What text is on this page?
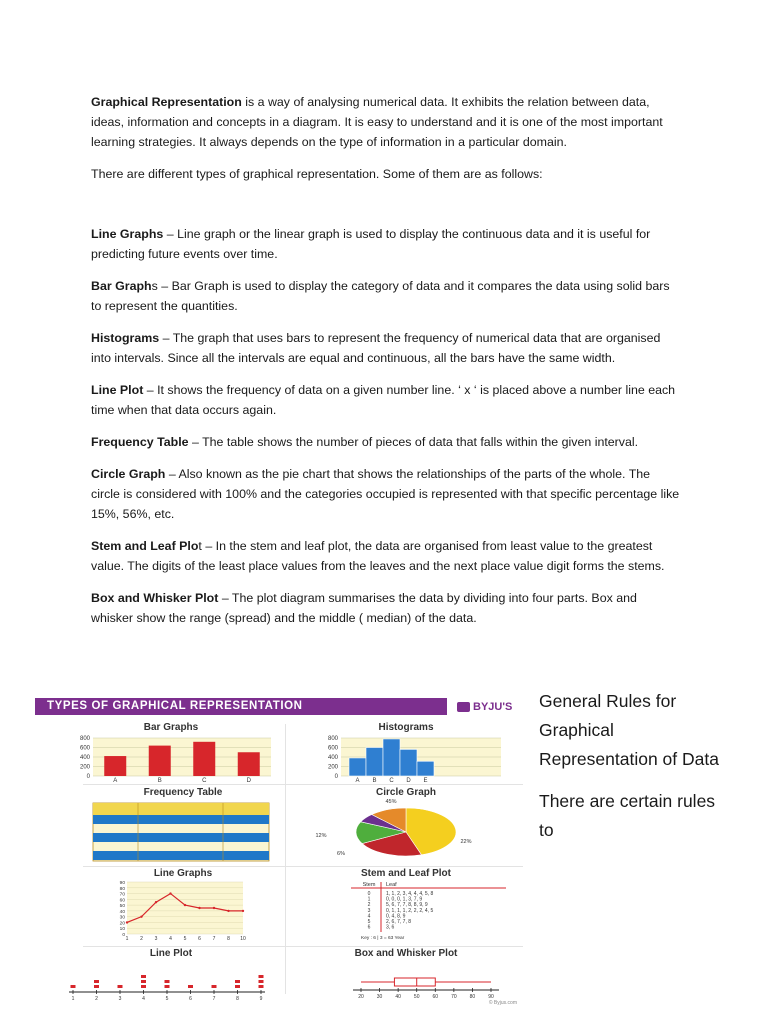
Graphical Representation is a way of analysing numerical data. It exhibits the relation between data, ideas, information and concepts in a diagram. It is easy to understand and it is one of the most important learning strategies. It always depends on the type of information in a particular domain.

There are different types of graphical representation. Some of them are as follows:

Line Graphs – Line graph or the linear graph is used to display the continuous data and it is useful for predicting future events over time.

Bar Graphs – Bar Graph is used to display the category of data and it compares the data using solid bars to represent the quantities.

Histograms – The graph that uses bars to represent the frequency of numerical data that are organised into intervals. Since all the intervals are equal and continuous, all the bars have the same width.

Line Plot – It shows the frequency of data on a given number line. ‘ x ‘ is placed above a number line each time when that data occurs again.

Frequency Table – The table shows the number of pieces of data that falls within the given interval.

Circle Graph – Also known as the pie chart that shows the relationships of the parts of the whole. The circle is considered with 100% and the categories occupied is represented with that specific percentage like 15%, 56%, etc.

Stem and Leaf Plot – In the stem and leaf plot, the data are organised from least value to the greatest value. The digits of the least place values from the leaves and the next place value digit forms the stems.

Box and Whisker Plot – The plot diagram summarises the data by dividing into four parts. Box and whisker show the range (spread) and the middle ( median) of the data.

TYPES OF GRAPHICAL REPRESENTATION	BYJU'S
Bar Graphs
800
600
400
200
0
A	B	C	D
Histograms
800
600
400
200
0
A B C D E
Frequency Table	Circle Graph
45%
22%
6%
12%
Line Graphs
90
80
70
60
50
40
30
20
10
0
1 2 3 4 5 6 7 8 10
Stem and Leaf Plot
Stem Leaf
0	1, 1, 2, 3, 4, 4, 4, 5, 8
1	0, 0, 0, 1, 3, 7, 9
2	5, 6, 7, 7, 8, 8, 9, 9
3	0, 1, 1, 1, 2, 2, 2, 4, 5
4	0, 4, 8, 9
5	2, 6, 7, 7, 8
6	3, 6
Key : 6 | 3 = 63 Year
Line Plot
1	2	3	4	5	6	7	8	9
Box and Whisker Plot
20	30	40	50	60	70	80	90
© Byjus.com

General Rules for Graphical Representation of Data

There are certain rules to
